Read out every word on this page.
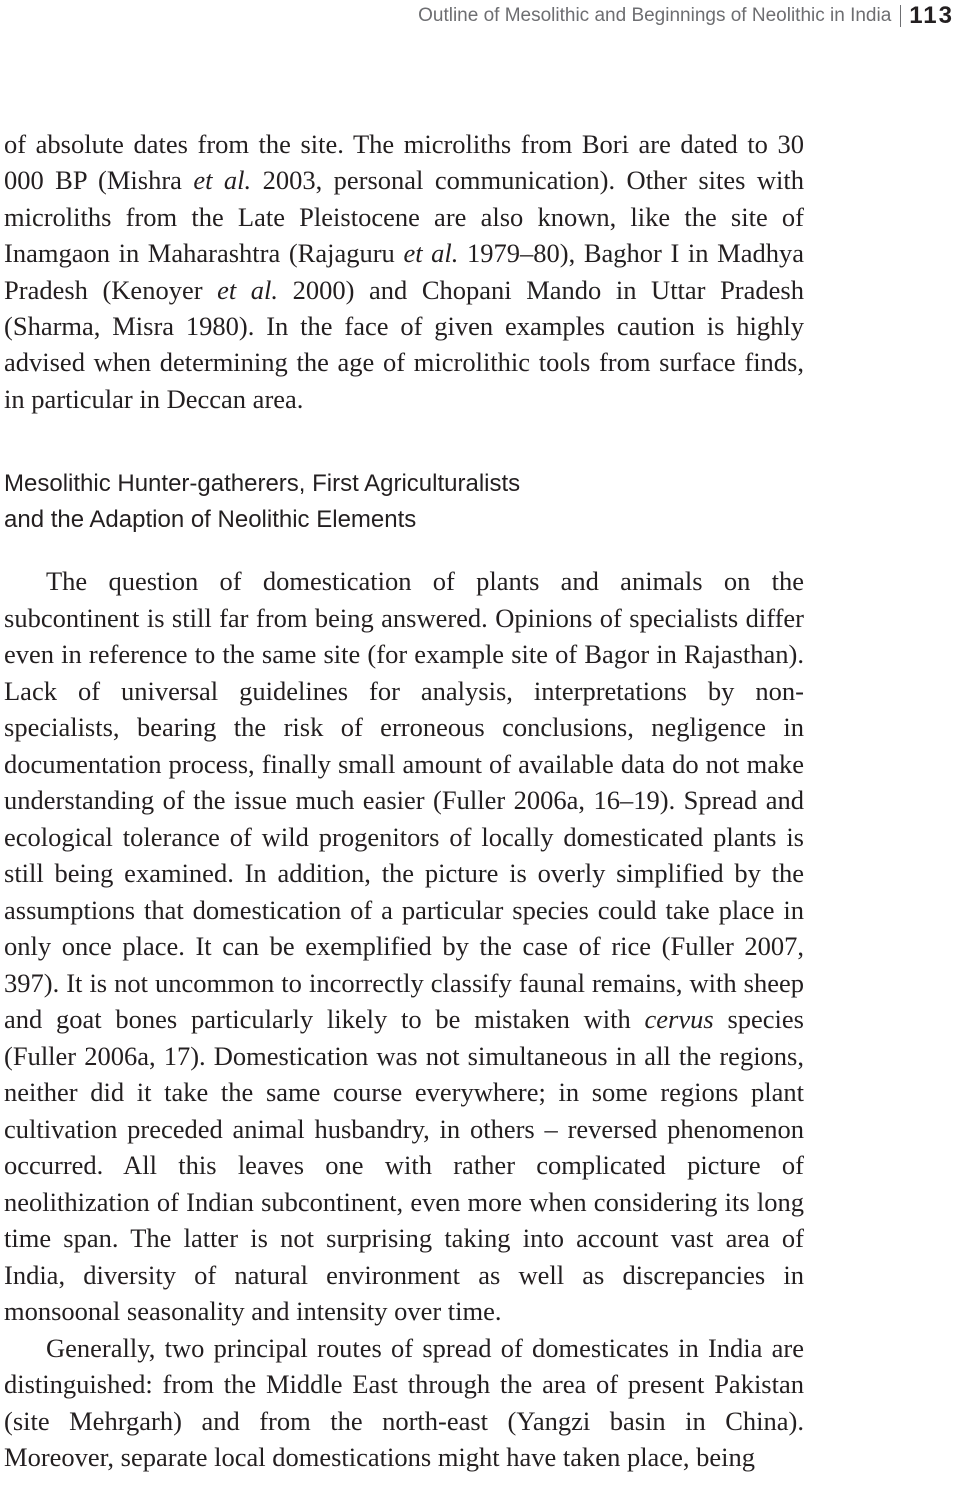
Outline of Mesolithic and Beginnings of Neolithic in India 113

of absolute dates from the site. The microliths from Bori are dated to 30 000 BP (Mishra et al. 2003, personal communication). Other sites with microliths from the Late Pleistocene are also known, like the site of Inamgaon in Maharashtra (Rajaguru et al. 1979–80), Baghor I in Madhya Pradesh (Kenoyer et al. 2000) and Chopani Mando in Uttar Pradesh (Sharma, Misra 1980). In the face of given examples caution is highly advised when determining the age of microlithic tools from surface finds, in particular in Deccan area.

Mesolithic Hunter-gatherers, First Agriculturalists
and the Adaption of Neolithic Elements

The question of domestication of plants and animals on the subcontinent is still far from being answered. Opinions of specialists differ even in reference to the same site (for example site of Bagor in Rajasthan). Lack of universal guidelines for analysis, interpretations by non-specialists, bearing the risk of erroneous conclusions, negligence in documentation process, finally small amount of available data do not make understanding of the issue much easier (Fuller 2006a, 16–19). Spread and ecological tolerance of wild progenitors of locally domesticated plants is still being examined. In addition, the picture is overly simplified by the assumptions that domestication of a particular species could take place in only once place. It can be exemplified by the case of rice (Fuller 2007, 397). It is not uncommon to incorrectly classify faunal remains, with sheep and goat bones particularly likely to be mistaken with cervus species (Fuller 2006a, 17). Domestication was not simultaneous in all the regions, neither did it take the same course everywhere; in some regions plant cultivation preceded animal husbandry, in others – reversed phenomenon occurred. All this leaves one with rather complicated picture of neolithization of Indian subcontinent, even more when considering its long time span. The latter is not surprising taking into account vast area of India, diversity of natural environment as well as discrepancies in monsoonal seasonality and intensity over time.

Generally, two principal routes of spread of domesticates in India are distinguished: from the Middle East through the area of present Pakistan (site Mehrgarh) and from the north-east (Yangzi basin in China). Moreover, separate local domestications might have taken place, being
